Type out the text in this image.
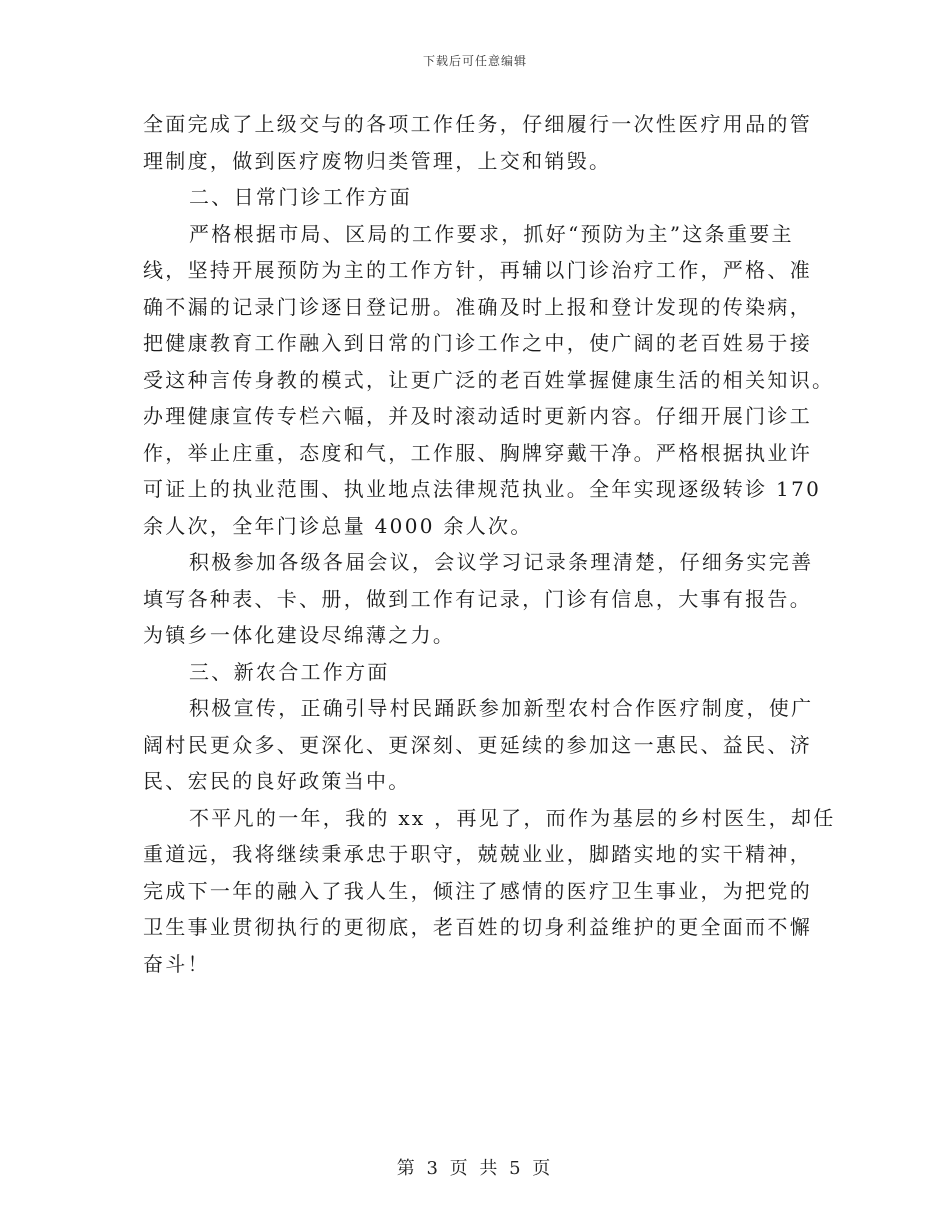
下载后可任意编辑
全面完成了上级交与的各项工作任务，仔细履行一次性医疗用品的管
理制度，做到医疗废物归类管理，上交和销毁。
二、日常门诊工作方面
严格根据市局、区局的工作要求，抓好“预防为主”这条重要主
线，坚持开展预防为主的工作方针，再辅以门诊治疗工作，严格、准
确不漏的记录门诊逐日登记册。准确及时上报和登计发现的传染病，
把健康教育工作融入到日常的门诊工作之中，使广阔的老百姓易于接
受这种言传身教的模式，让更广泛的老百姓掌握健康生活的相关知识。
办理健康宣传专栏六幅，并及时滚动适时更新内容。仔细开展门诊工
作，举止庄重，态度和气，工作服、胸牌穿戴干净。严格根据执业许
可证上的执业范围、执业地点法律规范执业。全年实现逐级转诊 170
余人次，全年门诊总量 4000 余人次。
积极参加各级各届会议，会议学习记录条理清楚，仔细务实完善
填写各种表、卡、册，做到工作有记录，门诊有信息，大事有报告。
为镇乡一体化建设尽绵薄之力。
三、新农合工作方面
积极宣传，正确引导村民踊跃参加新型农村合作医疗制度，使广
阔村民更众多、更深化、更深刻、更延续的参加这一惠民、益民、济
民、宏民的良好政策当中。
不平凡的一年，我的 xx ，再见了，而作为基层的乡村医生，却任
重道远，我将继续秉承忠于职守，兢兢业业，脚踏实地的实干精神，
完成下一年的融入了我人生，倾注了感情的医疗卫生事业，为把党的
卫生事业贯彻执行的更彻底，老百姓的切身利益维护的更全面而不懈
奋斗！
第 3 页 共 5 页
